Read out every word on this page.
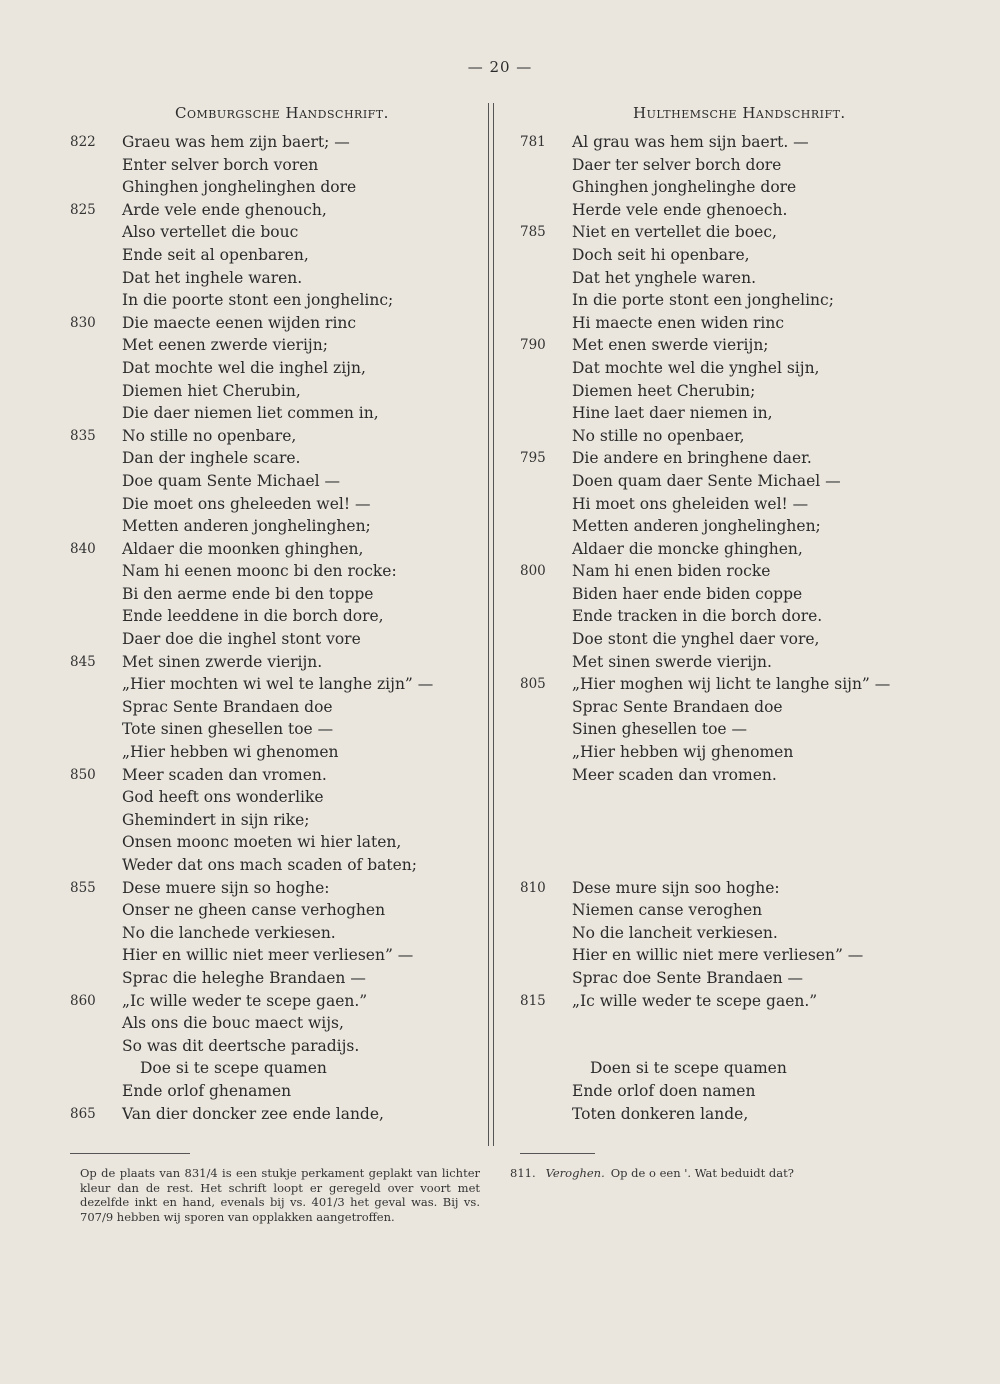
— 20 —
Comburgsche Handschrift.	Hulthemsche Handschrift.
822 Graeu was hem zijn baert; —
Enter selver borch voren
Ghinghen jonghelinghen dore
825 Arde vele ende ghenouch,
Also vertellet die bouc
Ende seit al openbaren,
Dat het inghele waren.
In die poorte stont een jonghelinc;
830 Die maecte eenen wijden rinc
Met eenen zwerde vierijn;
Dat mochte wel die inghel zijn,
Diemen hiet Cherubin,
Die daer niemen liet commen in,
835 No stille no openbare,
Dan der inghele scare.
Doe quam Sente Michael —
Die moet ons gheleeden wel! —
Metten anderen jonghelinghen;
840 Aldaer die moonken ghinghen,
Nam hi eenen moonc bi den rocke:
Bi den aerme ende bi den toppe
Ende leeddene in die borch dore,
Daer doe die inghel stont vore
845 Met sinen zwerde vierijn.
„Hier mochten wi wel te langhe zijn” —
Sprac Sente Brandaen doe
Tote sinen ghesellen toe —
„Hier hebben wi ghenomen
850 Meer scaden dan vromen.
God heeft ons wonderlike
Ghemindert in sijn rike;
Onsen moonc moeten wi hier laten,
Weder dat ons mach scaden of baten;
855 Dese muere sijn so hoghe:
Onser ne gheen canse verhoghen
No die lanchede verkiesen.
Hier en willic niet meer verliesen” —
Sprac die heleghe Brandaen —
860 „Ic wille weder te scepe gaen.”
Als ons die bouc maect wijs,
So was dit deertsche paradijs.
Doe si te scepe quamen
Ende orlof ghenamen
865 Van dier doncker zee ende lande,
781 Al grau was hem sijn baert. —
Daer ter selver borch dore
Ghinghen jonghelinghe dore
Herde vele ende ghenoech.
785 Niet en vertellet die boec,
Doch seit hi openbare,
Dat het ynghele waren.
In die porte stont een jonghelinc;
Hi maecte enen widen rinc
790 Met enen swerde vierijn;
Dat mochte wel die ynghel sijn,
Diemen heet Cherubin;
Hine laet daer niemen in,
No stille no openbaer,
795 Die andere en bringhene daer.
Doen quam daer Sente Michael —
Hi moet ons gheleiden wel! —
Metten anderen jonghelinghen;
Aldaer die moncke ghinghen,
800 Nam hi enen biden rocke
Biden haer ende biden coppe
Ende tracken in die borch dore.
Doe stont die ynghel daer vore,
Met sinen swerde vierijn.
805 „Hier moghen wij licht te langhe sijn” —
Sprac Sente Brandaen doe
Sinen ghesellen toe —
„Hier hebben wij ghenomen
Meer scaden dan vromen.
810 Dese mure sijn soo hoghe:
Niemen canse veroghen
No die lancheit verkiesen.
Hier en willic niet mere verliesen” —
Sprac doe Sente Brandaen —
815 „Ic wille weder te scepe gaen.”
Doen si te scepe quamen
Ende orlof doen namen
Toten donkeren lande,
Op de plaats van 831/4 is een stukje perkament geplakt van lichter kleur dan de rest. Het schrift loopt er geregeld over voort met dezelfde inkt en hand, evenals bij vs. 401/3 het geval was. Bij vs. 707/9 hebben wij sporen van opplakken aangetroffen.
811. Veroghen. Op de o een '. Wat beduidt dat?
